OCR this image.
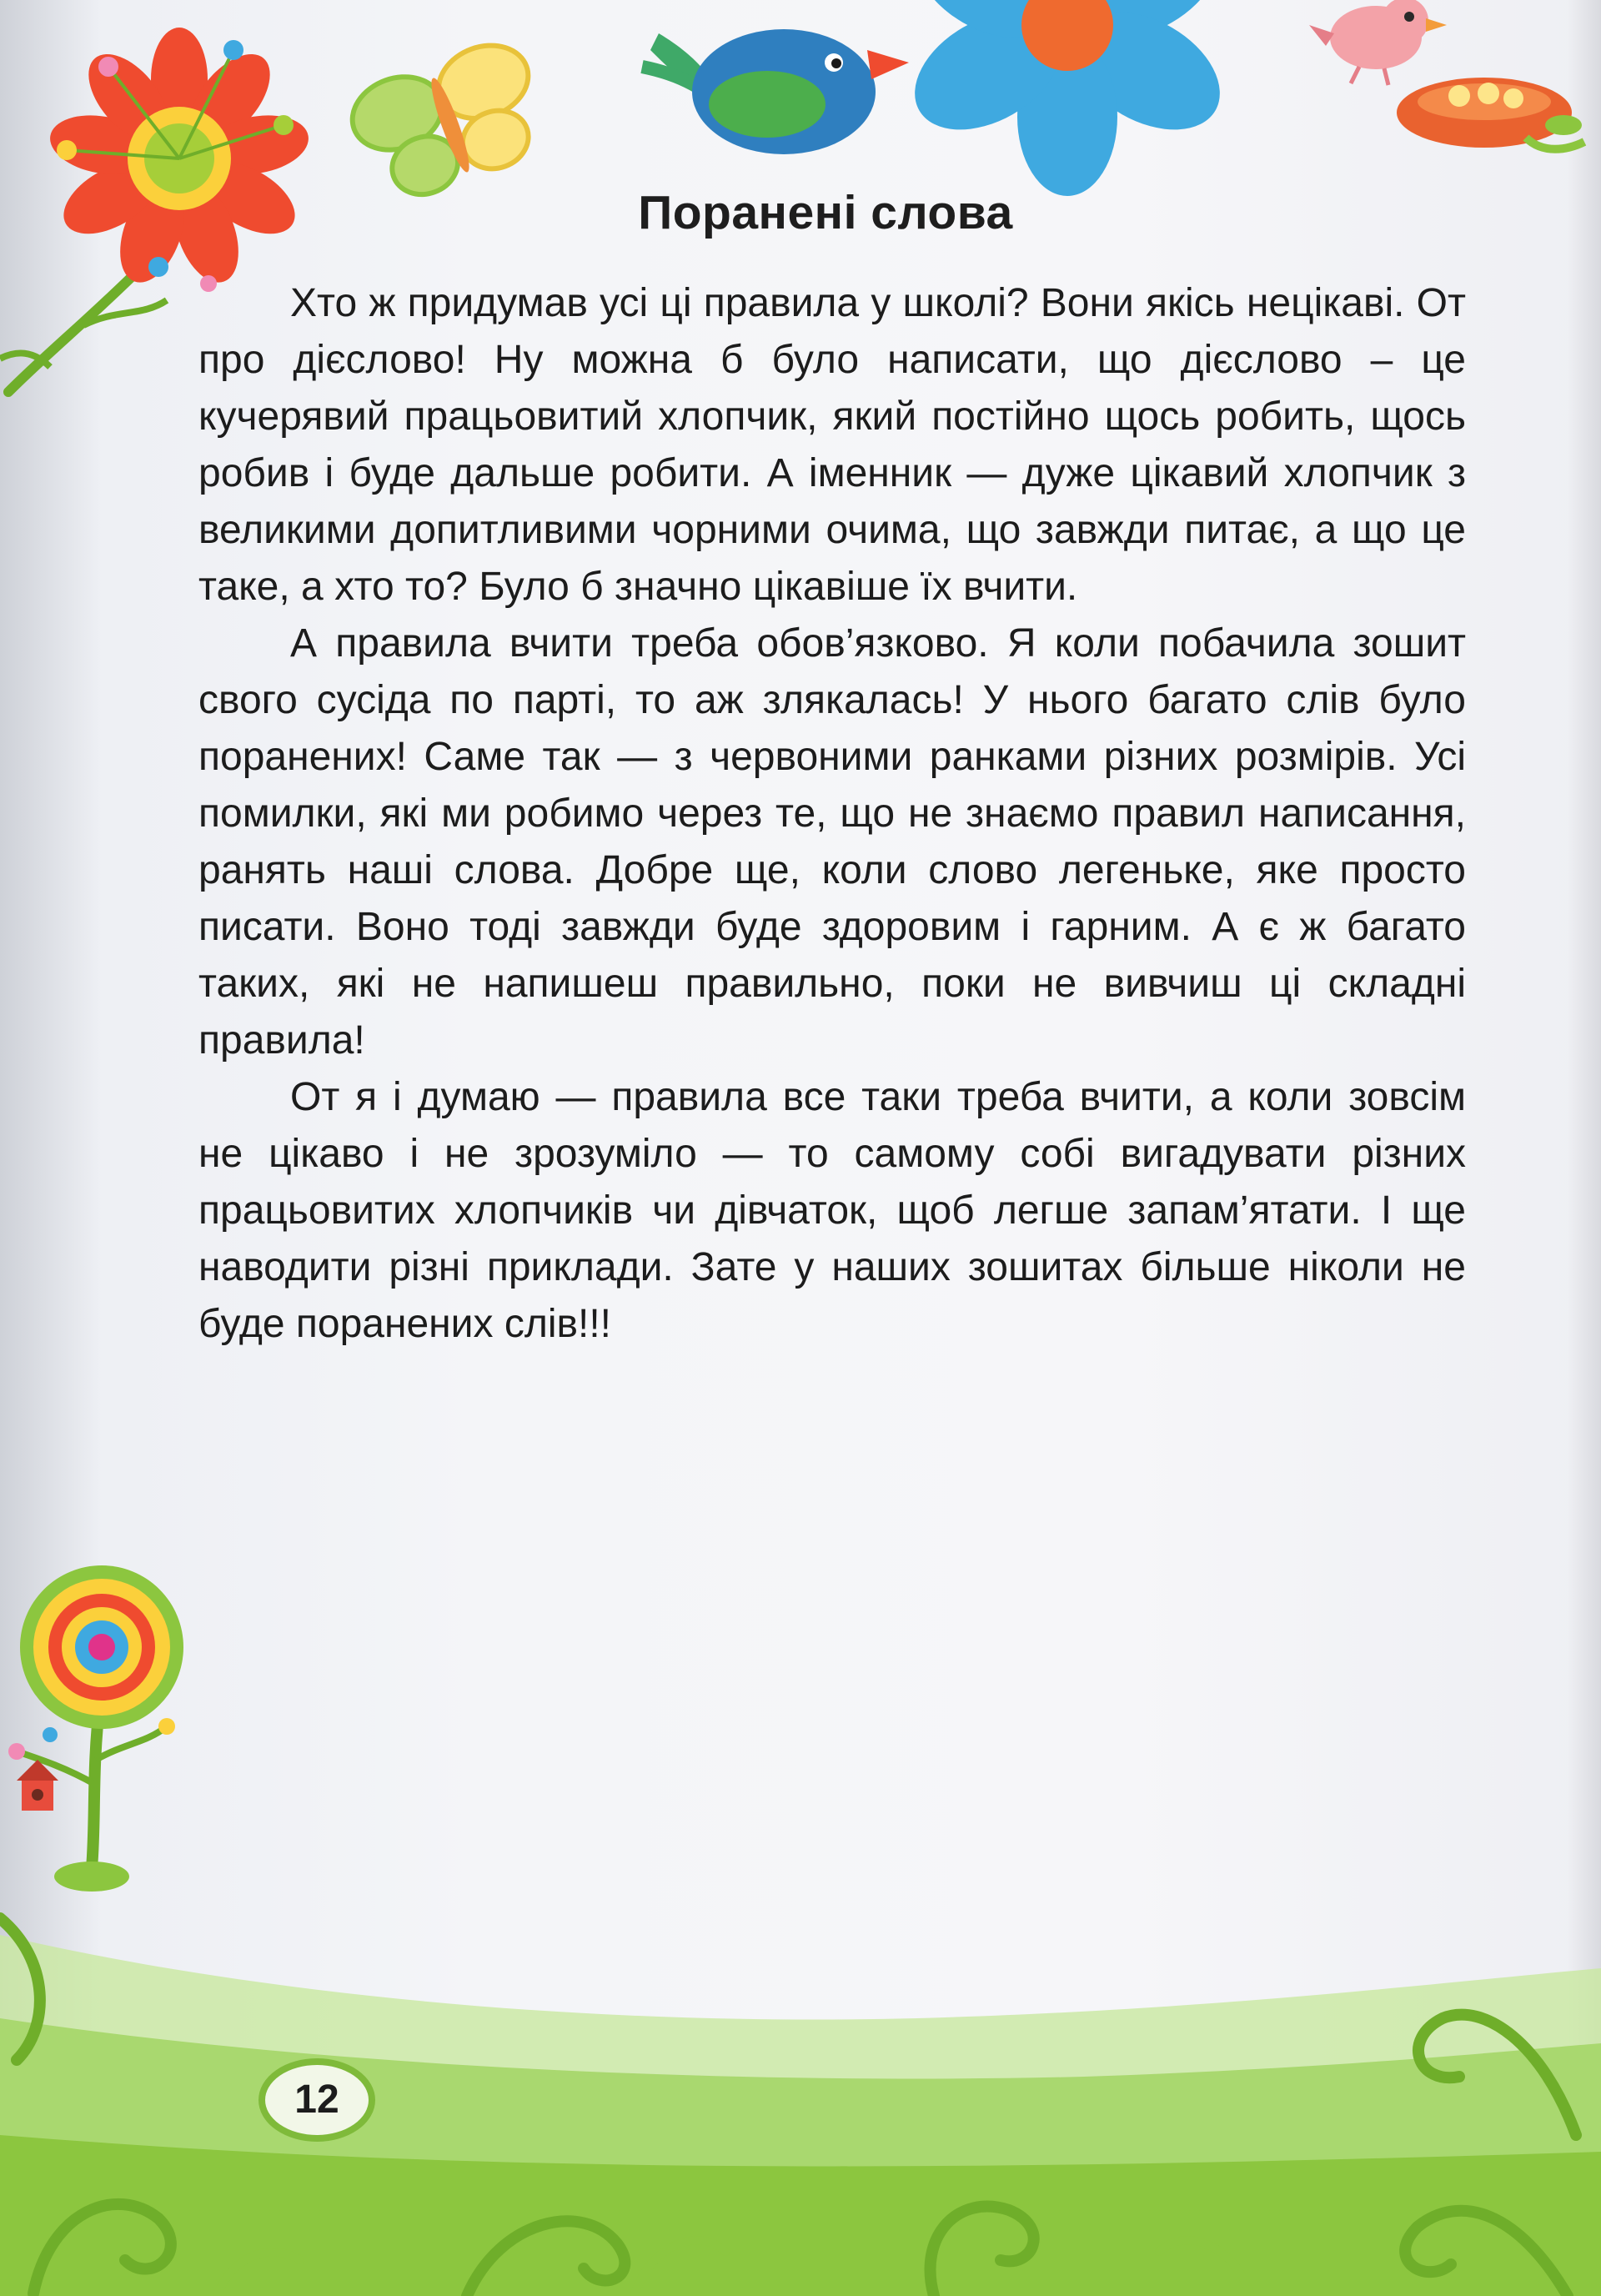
Поранені слова

Хто ж придумав усі ці правила у школі? Вони якісь нецікаві. От про дієслово! Ну можна б було написати, що дієслово – це кучерявий працьовитий хлопчик, який постійно щось робить, щось робив і буде дальше робити. А іменник — дуже цікавий хлопчик з великими допитливими чорними очима, що завжди питає, а що це таке, а хто то? Було б значно цікавіше їх вчити.

А правила вчити треба обов’язково. Я коли побачила зошит свого сусіда по парті, то аж злякалась! У нього багато слів було поранених! Саме так — з червоними ранками різних розмірів. Усі помилки, які ми робимо через те, що не знаємо правил написання, ранять наші слова. Добре ще, коли слово легеньке, яке просто писати. Воно тоді завжди буде здоровим і гарним. А є ж багато таких, які не напишеш правильно, поки не вивчиш ці складні правила!

От я і думаю — правила все таки треба вчити, а коли зовсім не цікаво і не зрозуміло — то самому собі вигадувати різних працьовитих хлопчиків чи дівчаток, щоб легше запам’ятати. І ще наводити різні приклади. Зате у наших зошитах більше ніколи не буде поранених слів!!!

12
